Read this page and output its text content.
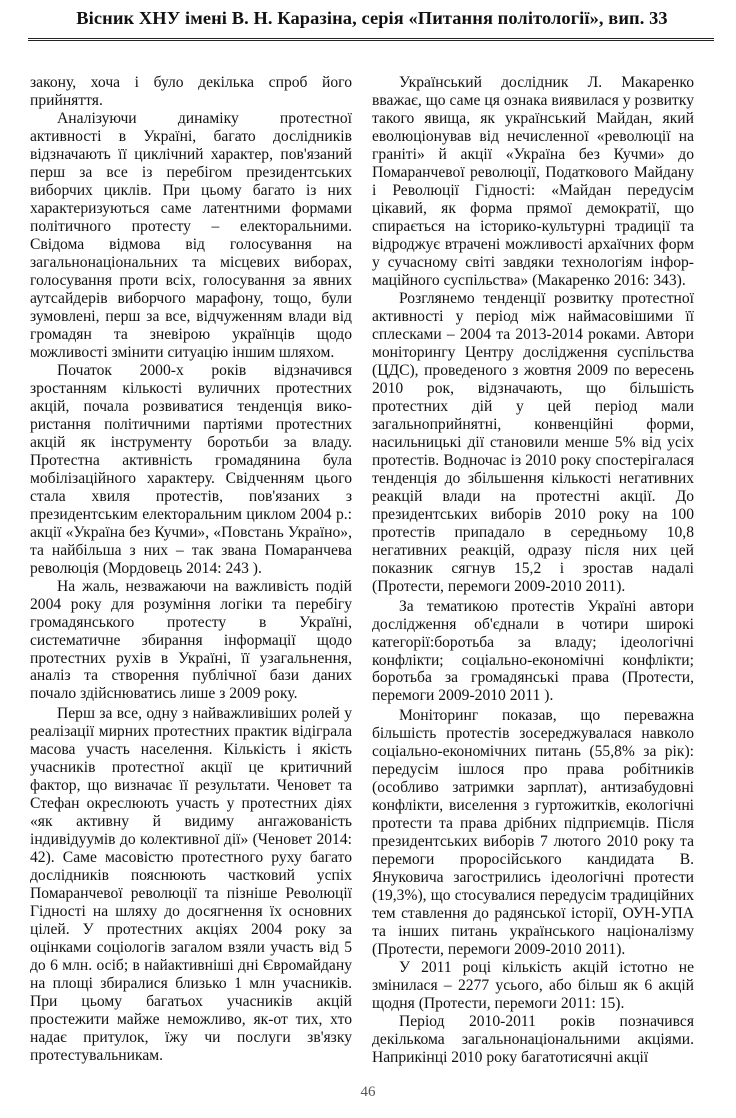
Вісник ХНУ імені В. Н. Каразіна, серія «Питання політології», вип. 33

закону, хоча і було декілька спроб його прийняття.

Аналізуючи динаміку протестної активності в Україні, багато дослідників відзначають її циклічний характер, пов'язаний перш за все із перебігом президентських виборчих циклів. При цьому багато із них характеризуються саме латентними формами політичного протесту – електоральними. Свідома відмова від голосування на загальнонаціональних та місцевих виборах, голосування проти всіх, голосування за явних аутсайдерів виборчого марафону, тощо, були зумовлені, перш за все, відчуженням влади від громадян та зневірою українців щодо можливості змінити ситуацію іншим шляхом.

Початок 2000-х років відзначився зростанням кількості вуличних протестних акцій, почала розвиватися тенденція вико-ристання політичними партіями протестних акцій як інструменту боротьби за владу. Протестна активність громадянина була мобілізаційного характеру. Свідченням цього стала хвиля протестів, пов'язаних з президентським електоральним циклом 2004 р.: акції «Україна без Кучми», «Повстань Україно», та найбільша з них – так звана Помаранчева революція (Мордовець 2014: 243 ).

На жаль, незважаючи на важливість подій 2004 року для розуміння логіки та перебігу громадянського протесту в Україні, систематичне збирання інформації щодо протестних рухів в Україні, її узагальнення, аналіз та створення публічної бази даних почало здійснюватись лише з 2009 року.

Перш за все, одну з найважливіших ролей у реалізації мирних протестних практик відіграла масова участь населення. Кількість і якість учасників протестної акції це критичний фактор, що визначає її результати. Ченовет та Стефан окреслюють участь у протестних діях «як активну й видиму ангажованість індивідуумів до колективної дії» (Ченовет 2014: 42). Саме масовістю протестного руху багато дослідників пояснюють частковий успіх Помаранчевої революції та пізніше Революції Гідності на шляху до досягнення їх основних цілей. У протестних акціях 2004 року за оцінками соціологів загалом взяли участь від 5 до 6 млн. осіб; в найактивніші дні Євромайдану на площі збиралися близько 1 млн учасників. При цьому багатьох учасників акцій простежити майже неможливо, як-от тих, хто надає притулок, їжу чи послуги зв'язку протестувальникам.

Український дослідник Л. Макаренко вважає, що саме ця ознака виявилася у розвитку такого явища, як український Майдан, який еволюціонував від нечисленної «революції на граніті» й акції «Україна без Кучми» до Помаранчевої революції, Податкового Майдану і Революції Гідності: «Майдан передусім цікавий, як форма прямої демократії, що спирається на історико-культурні традиції та відроджує втрачені можливості архаїчних форм у сучасному світі завдяки технологіям інфор-маційного суспільства» (Макаренко 2016: 343).

Розглянемо тенденції розвитку протестної активності у період між наймасовішими її сплесками – 2004 та 2013-2014 роками. Автори моніторингу Центру дослідження суспільства (ЦДС), проведеного з жовтня 2009 по вересень 2010 рок, відзначають, що більшість протестних дій у цей період мали загальноприйнятні, конвенційні форми, насильницькі дії становили менше 5% від усіх протестів. Водночас із 2010 року спостерігалася тенденція до збільшення кількості негативних реакцій влади на протестні акції. До президентських виборів 2010 року на 100 протестів припадало в середньому 10,8 негативних реакцій, одразу після них цей показник сягнув 15,2 і зростав надалі (Протести, перемоги 2009-2010 2011).

За тематикою протестів Україні автори дослідження об'єднали в чотири широкі категорії:боротьба за владу; ідеологічні конфлікти; соціально-економічні конфлікти; боротьба за громадянські права (Протести, перемоги 2009-2010 2011 ).

Моніторинг показав, що переважна більшість протестів зосереджувалася навколо соціально-економічних питань (55,8% за рік): передусім ішлося про права робітників (особливо затримки зарплат), антизабудовні конфлікти, виселення з гуртожитків, екологічні протести та права дрібних підприємців. Після президентських виборів 7 лютого 2010 року та перемоги проросійського кандидата В. Януковича загострились ідеологічні протести (19,3%), що стосувалися передусім традиційних тем ставлення до радянської історії, ОУН-УПА та інших питань українського націоналізму (Протести, перемоги 2009-2010 2011).

У 2011 році кількість акцій істотно не змінилася – 2277 усього, або більш як 6 акцій щодня (Протести, перемоги 2011: 15).

Період 2010-2011 років позначився декількома загальнонаціональними акціями. Наприкінці 2010 року багатотисячні акції

46
